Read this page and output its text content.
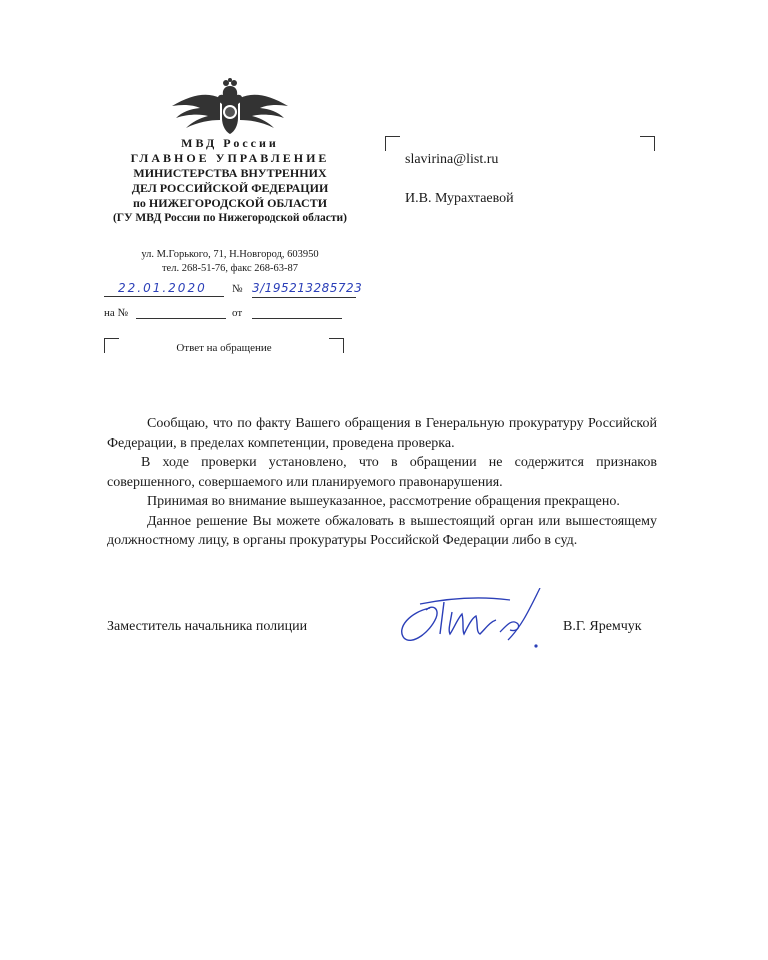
МВД России
ГЛАВНОЕ УПРАВЛЕНИЕ
МИНИСТЕРСТВА ВНУТРЕННИХ
ДЕЛ РОССИЙСКОЙ ФЕДЕРАЦИИ
по НИЖЕГОРОДСКОЙ ОБЛАСТИ
(ГУ МВД России по Нижегородской области)
ул. М.Горького, 71, Н.Новгород, 603950
тел. 268-51-76, факс 268-63-87
22.01.2020	№ 3/195213285723
на №	от
Ответ на обращение
slavirina@list.ru
И.В. Мурахтаевой

Сообщаю, что по факту Вашего обращения в Генеральную прокуратуру Российской Федерации, в пределах компетенции, проведена проверка.

В ходе проверки установлено, что в обращении не содержится признаков совершенного, совершаемого или планируемого правонарушения.

Принимая во внимание вышеуказанное, рассмотрение обращения прекращено.

Данное решение Вы можете обжаловать в вышестоящий орган или вышестоящему должностному лицу, в органы прокуратуры Российской Федерации либо в суд.

Заместитель начальника полиции	В.Г. Яремчук
